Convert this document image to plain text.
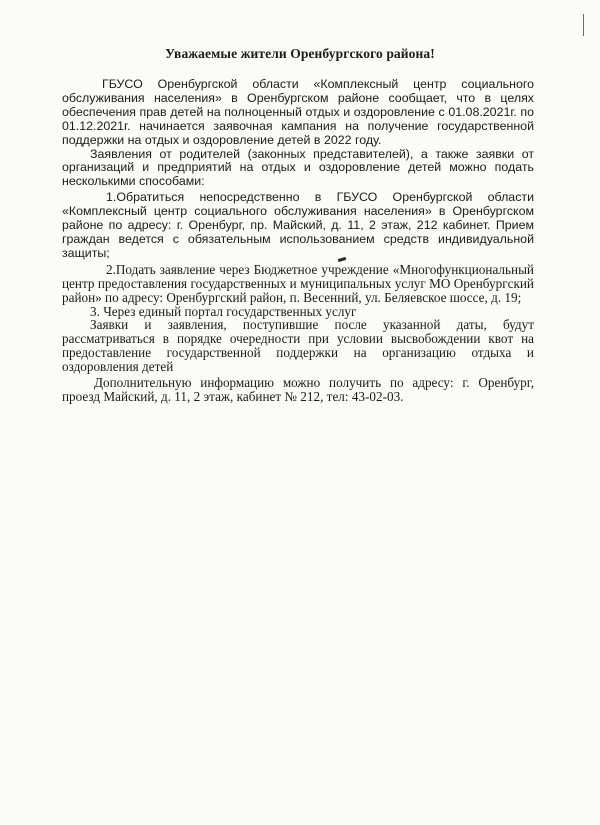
Уважаемые жители Оренбургского района!

ГБУСО Оренбургской области «Комплексный центр социального обслуживания населения» в Оренбургском районе сообщает, что в целях обеспечения прав детей на полноценный отдых и оздоровление с 01.08.2021г. по 01.12.2021г. начинается заявочная кампания на получение государственной поддержки на отдых и оздоровление детей в 2022 году.

Заявления от родителей (законных представителей), а также заявки от организаций и предприятий на отдых и оздоровление детей можно подать несколькими способами:

1.Обратиться непосредственно в ГБУСО Оренбургской области «Комплексный центр социального обслуживания населения» в Оренбургском районе по адресу: г. Оренбург, пр. Майский, д. 11, 2 этаж, 212 кабинет. Прием граждан ведется с обязательным использованием средств индивидуальной защиты;

2.Подать заявление через Бюджетное учреждение «Многофункциональный центр предоставления государственных и муниципальных услуг МО Оренбургский район» по адресу: Оренбургский район, п. Весенний, ул. Беляевское шоссе, д. 19;

3. Через единый портал государственных услуг

Заявки и заявления, поступившие после указанной даты, будут рассматриваться в порядке очередности при условии высвобождении квот на предоставление государственной поддержки на организацию отдыха и оздоровления детей

Дополнительную информацию можно получить по адресу: г. Оренбург, проезд Майский, д. 11, 2 этаж, кабинет № 212, тел: 43-02-03.
